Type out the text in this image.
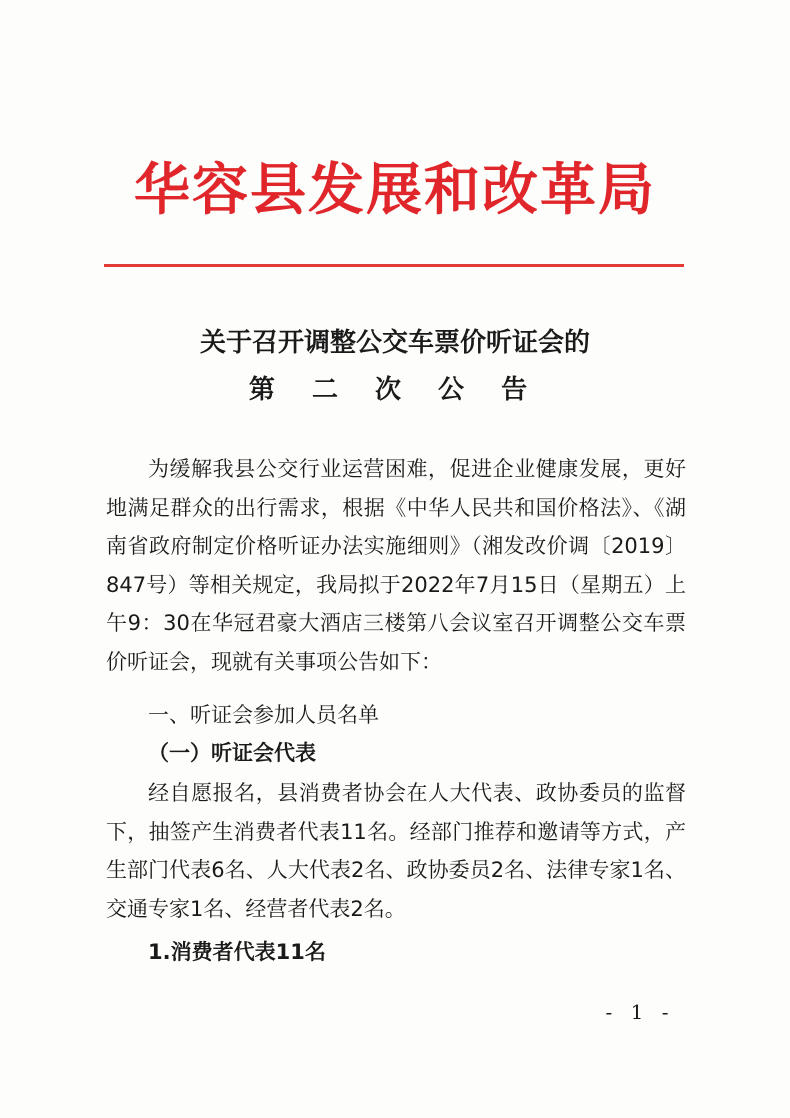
华容县发展和改革局
关于召开调整公交车票价听证会的
第 二 次 公 告
为缓解我县公交行业运营困难，促进企业健康发展，更好地满足群众的出行需求，根据《中华人民共和国价格法》、《湖南省政府制定价格听证办法实施细则》（湘发改价调〔2019〕847号）等相关规定，我局拟于2022年7月15日（星期五）上午9：30在华冠君豪大酒店三楼第八会议室召开调整公交车票价听证会，现就有关事项公告如下：
一、听证会参加人员名单
（一）听证会代表
经自愿报名，县消费者协会在人大代表、政协委员的监督下，抽签产生消费者代表11名。经部门推荐和邀请等方式，产生部门代表6名、人大代表2名、政协委员2名、法律专家1名、交通专家1名、经营者代表2名。
1.消费者代表11名
- 1 -
